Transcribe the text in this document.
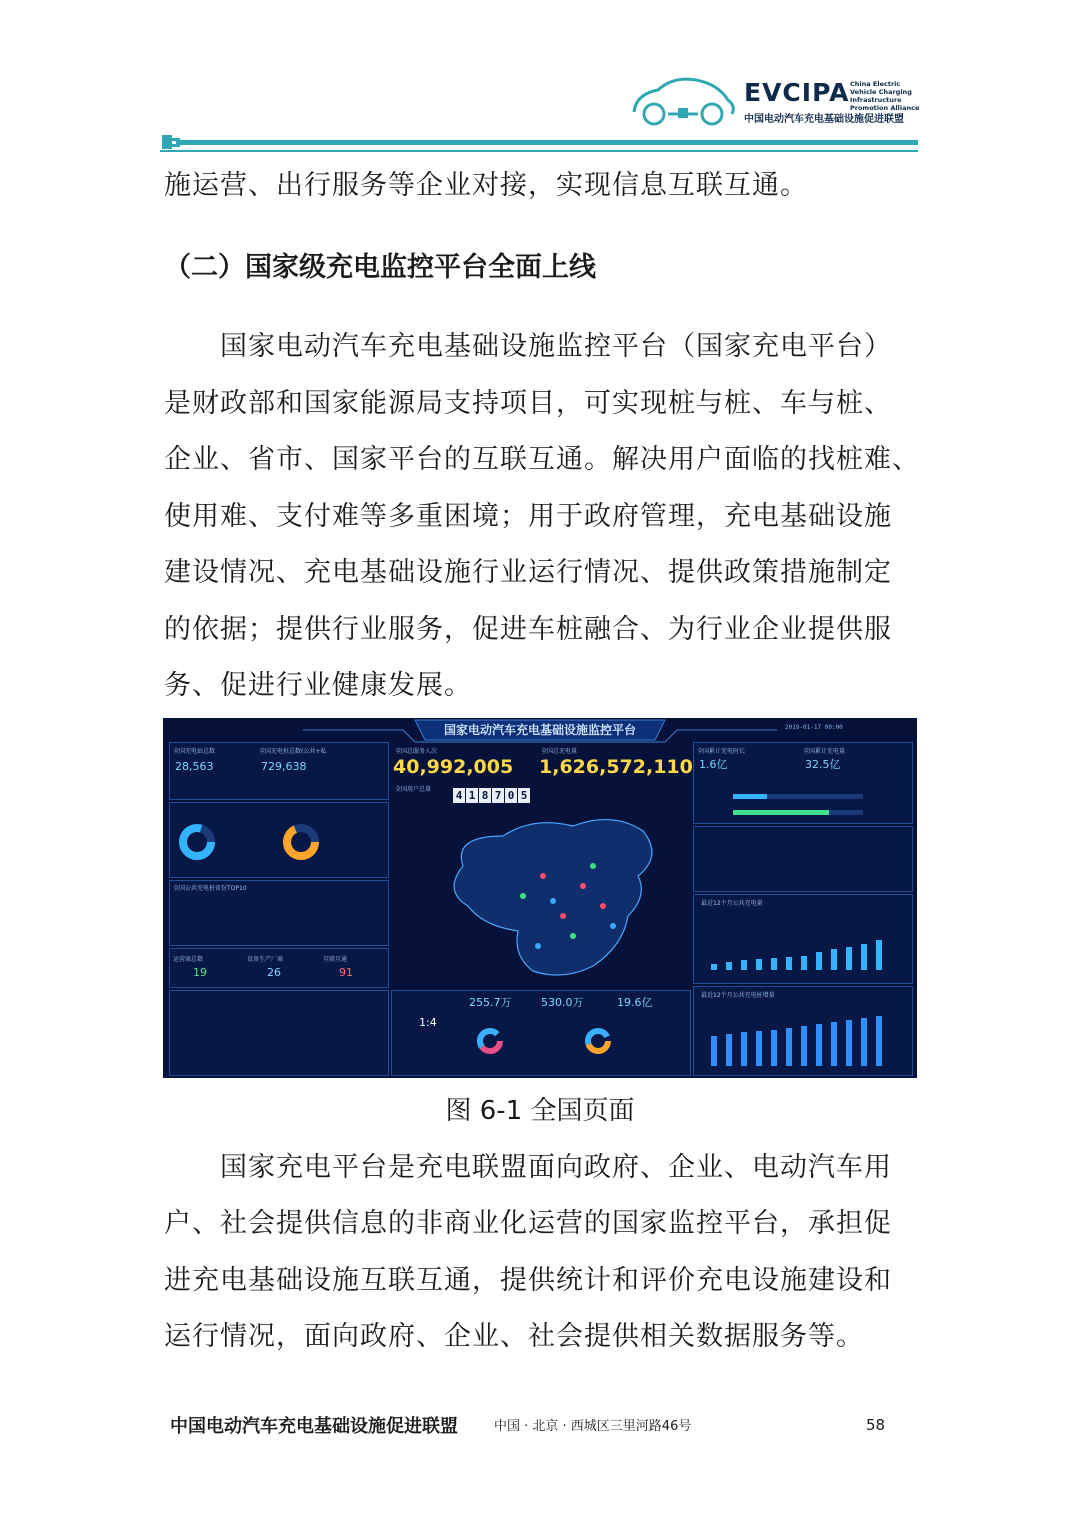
EVCIPA China Electric Vehicle Charging Infrastructure Promotion Alliance
中国电动汽车充电基础设施促进联盟

施运营、出行服务等企业对接，实现信息互联互通。

（二）国家级充电监控平台全面上线

国家电动汽车充电基础设施监控平台（国家充电平台）

是财政部和国家能源局支持项目，可实现桩与桩、车与桩、

企业、省市、国家平台的互联互通。解决用户面临的找桩难、

使用难、支付难等多重困境；用于政府管理，充电基础设施

建设情况、充电基础设施行业运行情况、提供政策措施制定

的依据；提供行业服务，促进车桩融合、为行业企业提供服

务、促进行业健康发展。

国家电动汽车充电基础设施监控平台	2019-01-17 00:00
全国充电站总数
28,563
全国充电桩总数(公共+私
729,638
全国公共充电桩省份TOP10
运营商总数
19
设备生产厂商
26
互联互通
91
全国总服务人次
40,992,005
全国总充电量
1,626,572,110
全国用户总量 4 1 8 7 0 5
1:4
255.7万	530.0万	19.6亿
全国累计充电时长
1.6亿
全国累计充电量
32.5亿
最近12个月公共充电量
最近12个月公共充电桩增量
图 6-1 全国页面

国家充电平台是充电联盟面向政府、企业、电动汽车用

户、社会提供信息的非商业化运营的国家监控平台，承担促

进充电基础设施互联互通，提供统计和评价充电设施建设和

运行情况，面向政府、企业、社会提供相关数据服务等。

中国电动汽车充电基础设施促进联盟	中国 · 北京 · 西城区三里河路46号	58
